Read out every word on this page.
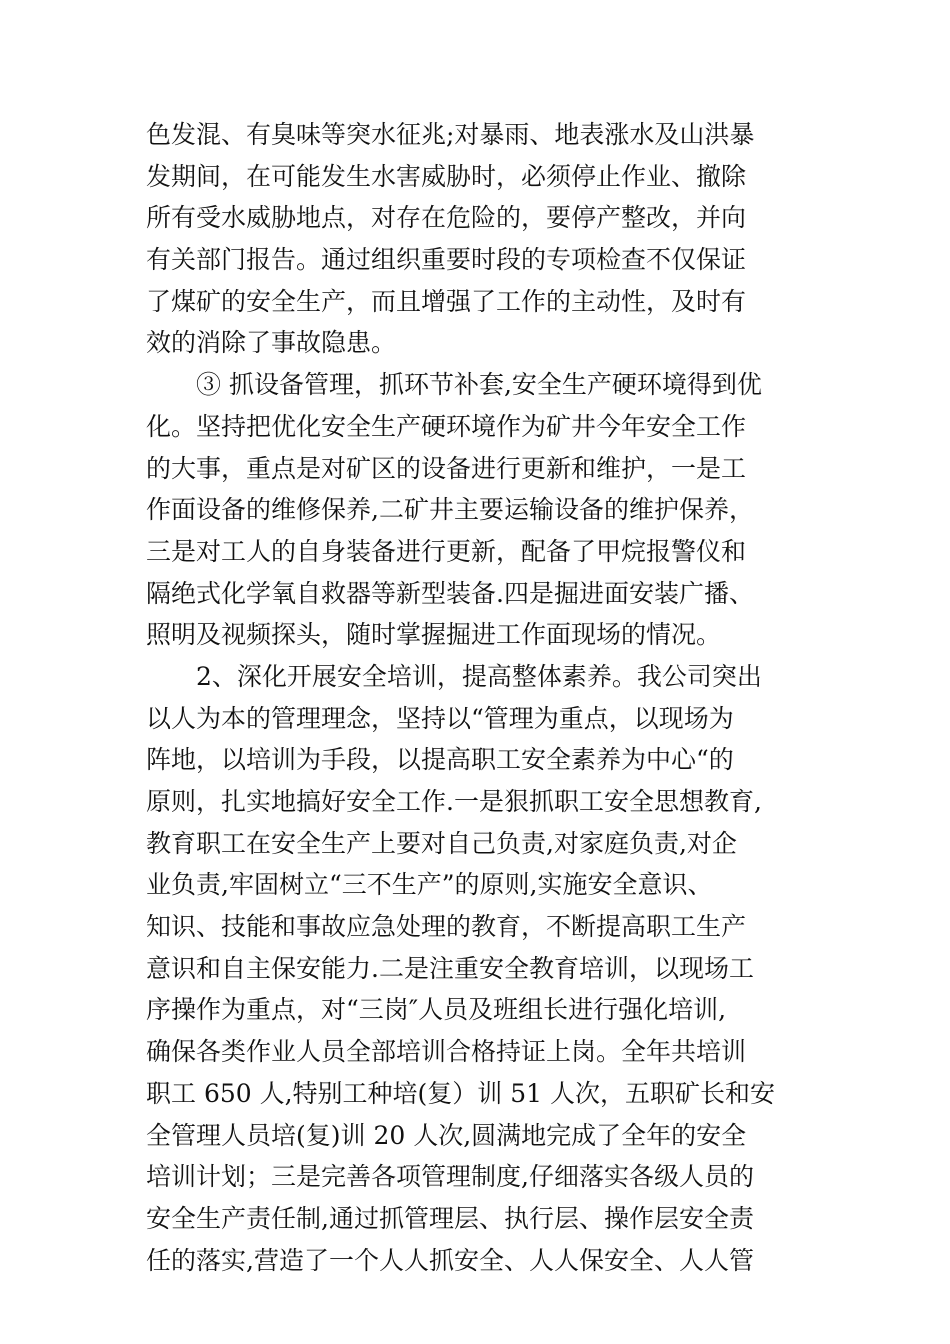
色发混、有臭味等突水征兆;对暴雨、地表涨水及山洪暴
发期间，在可能发生水害威胁时，必须停止作业、撤除
所有受水威胁地点，对存在危险的，要停产整改，并向
有关部门报告。通过组织重要时段的专项检查不仅保证
了煤矿的安全生产，而且增强了工作的主动性，及时有
效的消除了事故隐患。
　　③ 抓设备管理，抓环节补套,安全生产硬环境得到优
化。坚持把优化安全生产硬环境作为矿井今年安全工作
的大事，重点是对矿区的设备进行更新和维护，一是工
作面设备的维修保养,二矿井主要运输设备的维护保养，
三是对工人的自身装备进行更新，配备了甲烷报警仪和
隔绝式化学氧自救器等新型装备.四是掘进面安装广播、
照明及视频探头，随时掌握掘进工作面现场的情况。
　　2、深化开展安全培训，提高整体素养。我公司突出
以人为本的管理理念，坚持以“管理为重点，以现场为
阵地，以培训为手段，以提高职工安全素养为中心“的
原则，扎实地搞好安全工作.一是狠抓职工安全思想教育,
教育职工在安全生产上要对自己负责,对家庭负责,对企
业负责,牢固树立“三不生产”的原则,实施安全意识、
知识、技能和事故应急处理的教育，不断提高职工生产
意识和自主保安能力.二是注重安全教育培训，以现场工
序操作为重点，对“三岗″人员及班组长进行强化培训,
确保各类作业人员全部培训合格持证上岗。全年共培训
职工 650 人,特别工种培(复）训 51 人次，五职矿长和安
全管理人员培(复)训 20 人次,圆满地完成了全年的安全
培训计划；三是完善各项管理制度,仔细落实各级人员的
安全生产责任制,通过抓管理层、执行层、操作层安全责
任的落实,营造了一个人人抓安全、人人保安全、人人管
